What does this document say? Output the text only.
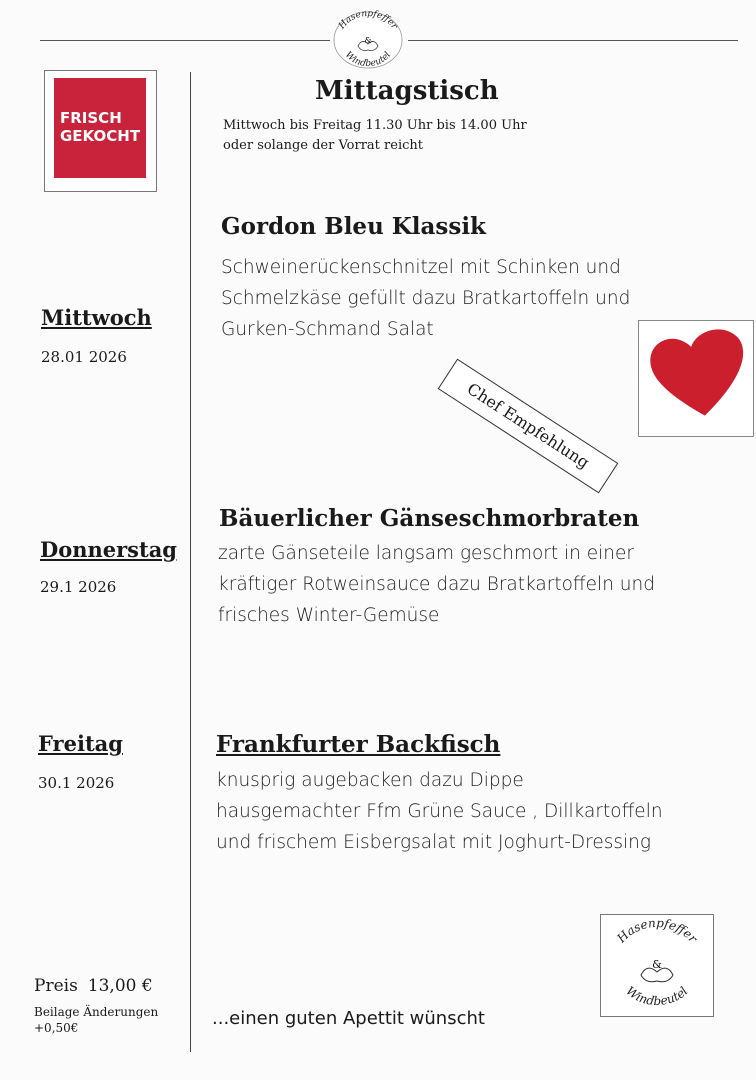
Hasenpfeffer
Windbeutel
&
FRISCH
GEKOCHT
Mittagstisch
Mittwoch bis Freitag 11.30 Uhr bis 14.00 Uhr
oder solange der Vorrat reicht
Mittwoch
28.01 2026
Gordon Bleu Klassik
Schweinerückenschnitzel mit Schinken und
Schmelzkäse gefüllt dazu Bratkartoffeln und
Gurken-Schmand Salat
Chef Empfehlung
Donnerstag
29.1 2026
Bäuerlicher Gänseschmorbraten
zarte Gänseteile langsam geschmort in einer
kräftiger Rotweinsauce dazu Bratkartoffeln und
frisches Winter-Gemüse
Freitag
30.1 2026
Frankfurter Backfisch
knusprig augebacken dazu Dippe
hausgemachter Ffm Grüne Sauce , Dillkartoffeln
und frischem Eisbergsalat mit Joghurt-Dressing
Preis 13,00 €
Beilage Änderungen
+0,50€	...einen guten Apettit wünscht
Hasenpfeffer
Windbeutel
&
